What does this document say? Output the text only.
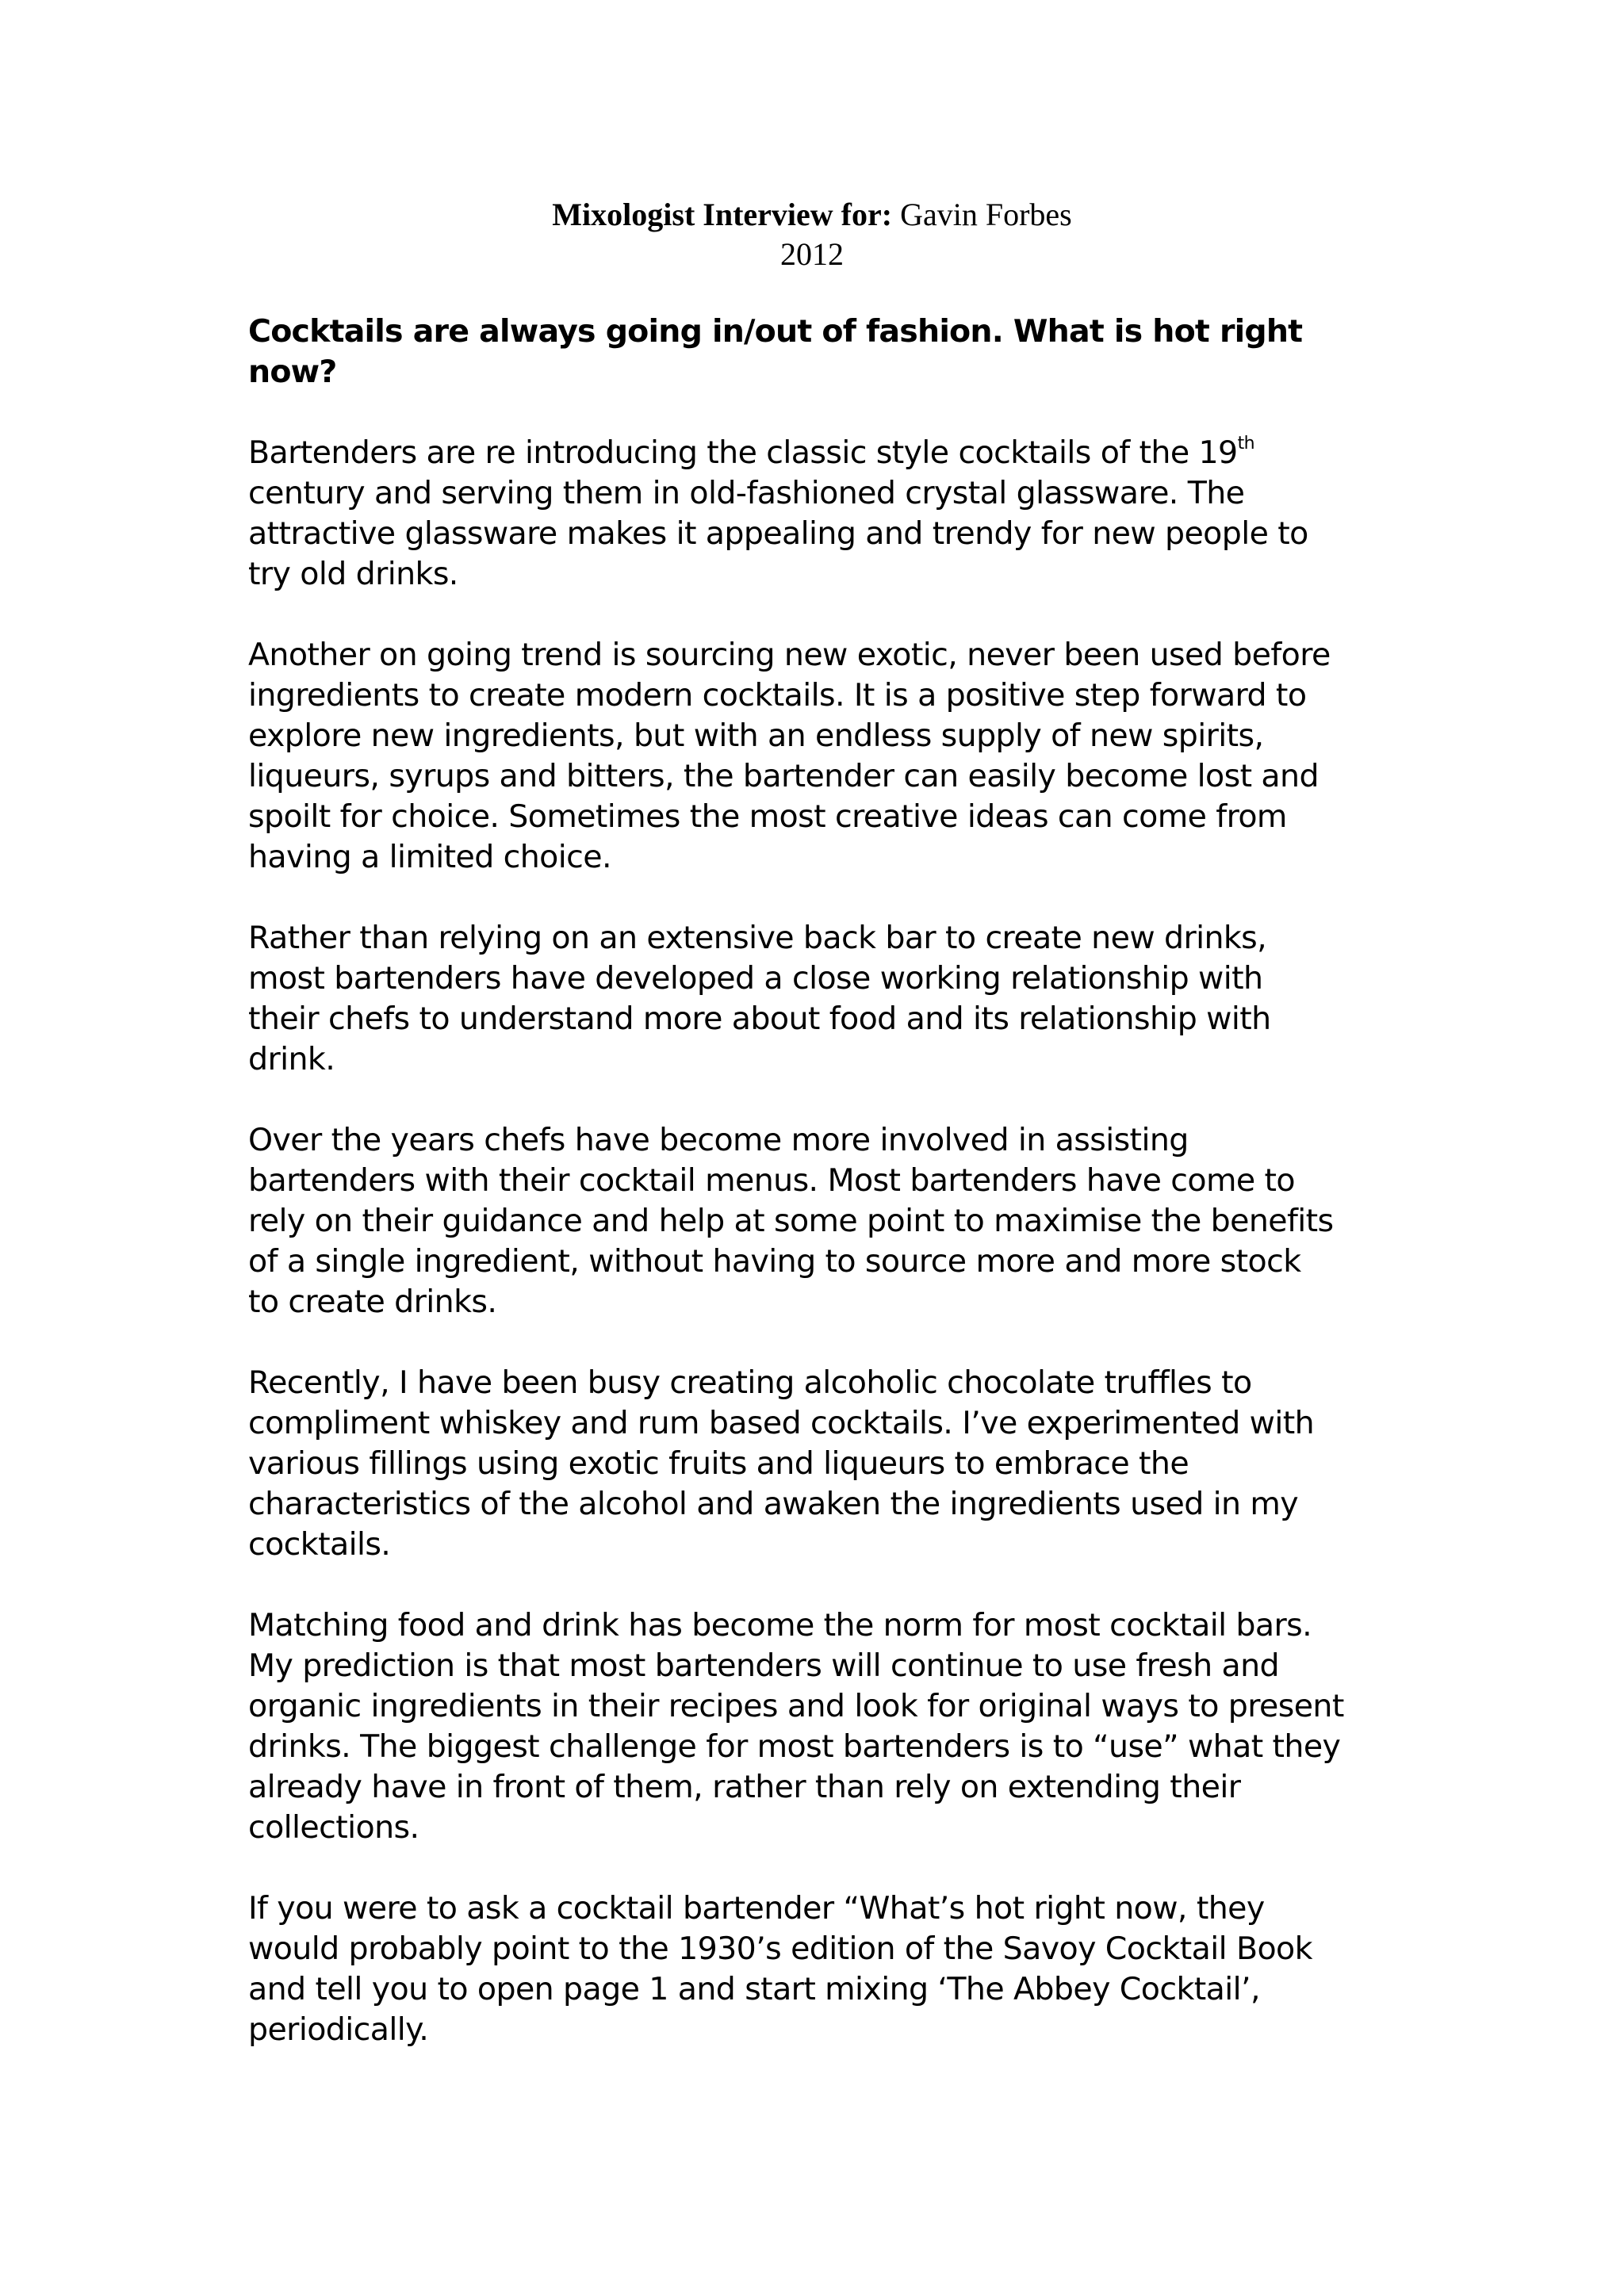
Mixologist Interview for: Gavin Forbes
2012
Cocktails are always going in/out of fashion. What is hot right now?
Bartenders are re introducing the classic style cocktails of the 19th
century and serving them in old-fashioned crystal glassware. The
attractive glassware makes it appealing and trendy for new people to
try old drinks.
Another on going trend is sourcing new exotic, never been used before
ingredients to create modern cocktails. It is a positive step forward to
explore new ingredients, but with an endless supply of new spirits,
liqueurs, syrups and bitters, the bartender can easily become lost and
spoilt for choice. Sometimes the most creative ideas can come from
having a limited choice.
Rather than relying on an extensive back bar to create new drinks,
most bartenders have developed a close working relationship with
their chefs to understand more about food and its relationship with
drink.
Over the years chefs have become more involved in assisting
bartenders with their cocktail menus. Most bartenders have come to
rely on their guidance and help at some point to maximise the benefits
of a single ingredient, without having to source more and more stock
to create drinks.
Recently, I have been busy creating alcoholic chocolate truffles to
compliment whiskey and rum based cocktails. I’ve experimented with
various fillings using exotic fruits and liqueurs to embrace the
characteristics of the alcohol and awaken the ingredients used in my
cocktails.
Matching food and drink has become the norm for most cocktail bars.
My prediction is that most bartenders will continue to use fresh and
organic ingredients in their recipes and look for original ways to present
drinks. The biggest challenge for most bartenders is to “use” what they
already have in front of them, rather than rely on extending their
collections.
If you were to ask a cocktail bartender “What’s hot right now, they
would probably point to the 1930’s edition of the Savoy Cocktail Book
and tell you to open page 1 and start mixing ‘The Abbey Cocktail’,
periodically.
